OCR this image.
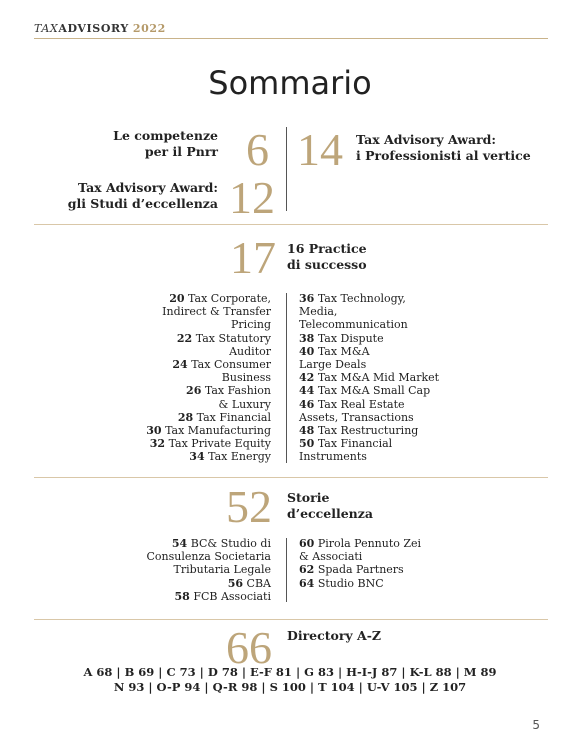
TAXADVISORY 2022
Sommario
Le competenze
per il Pnrr 6
Tax Advisory Award:
gli Studi d’eccellenza 12
14 Tax Advisory Award:
i Professionisti al vertice
17 16 Practice
di successo
20 Tax Corporate,
Indirect & Transfer
Pricing
22 Tax Statutory
Auditor
24 Tax Consumer
Business
26 Tax Fashion
& Luxury
28 Tax Financial
30 Tax Manufacturing
32 Tax Private Equity
34 Tax Energy
36 Tax Technology,
Media,
Telecommunication
38 Tax Dispute
40 Tax M&A
Large Deals
42 Tax M&A Mid Market
44 Tax M&A Small Cap
46 Tax Real Estate
Assets, Transactions
48 Tax Restructuring
50 Tax Financial
Instruments
52 Storie
d’eccellenza
54 BC& Studio di
Consulenza Societaria
Tributaria Legale
56 CBA
58 FCB Associati
60 Pirola Pennuto Zei
& Associati
62 Spada Partners
64 Studio BNC
66 Directory A-Z
A 68 | B 69 | C 73 | D 78 | E-F 81 | G 83 | H-I-J 87 | K-L 88 | M 89
N 93 | O-P 94 | Q-R 98 | S 100 | T 104 | U-V 105 | Z 107
5
